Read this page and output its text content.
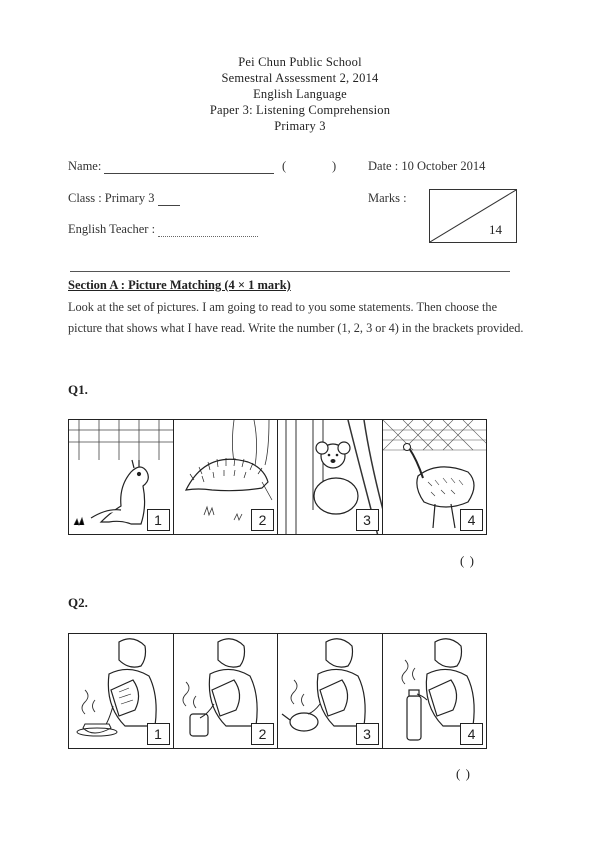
Pei Chun Public School
Semestral Assessment 2, 2014
English Language
Paper 3: Listening Comprehension
Primary 3
Name:	(	)	Date : 10 October 2014
Class : Primary 3	Marks :
14
English Teacher :
Section A : Picture Matching (4 × 1 mark)
Look at the set of pictures. I am going to read to you some statements. Then choose the picture that shows what I have read. Write the number (1, 2, 3 or 4) in the brackets provided.
Q1.
1	2	3	4
( )
Q2.
1	2	3	4
( )
